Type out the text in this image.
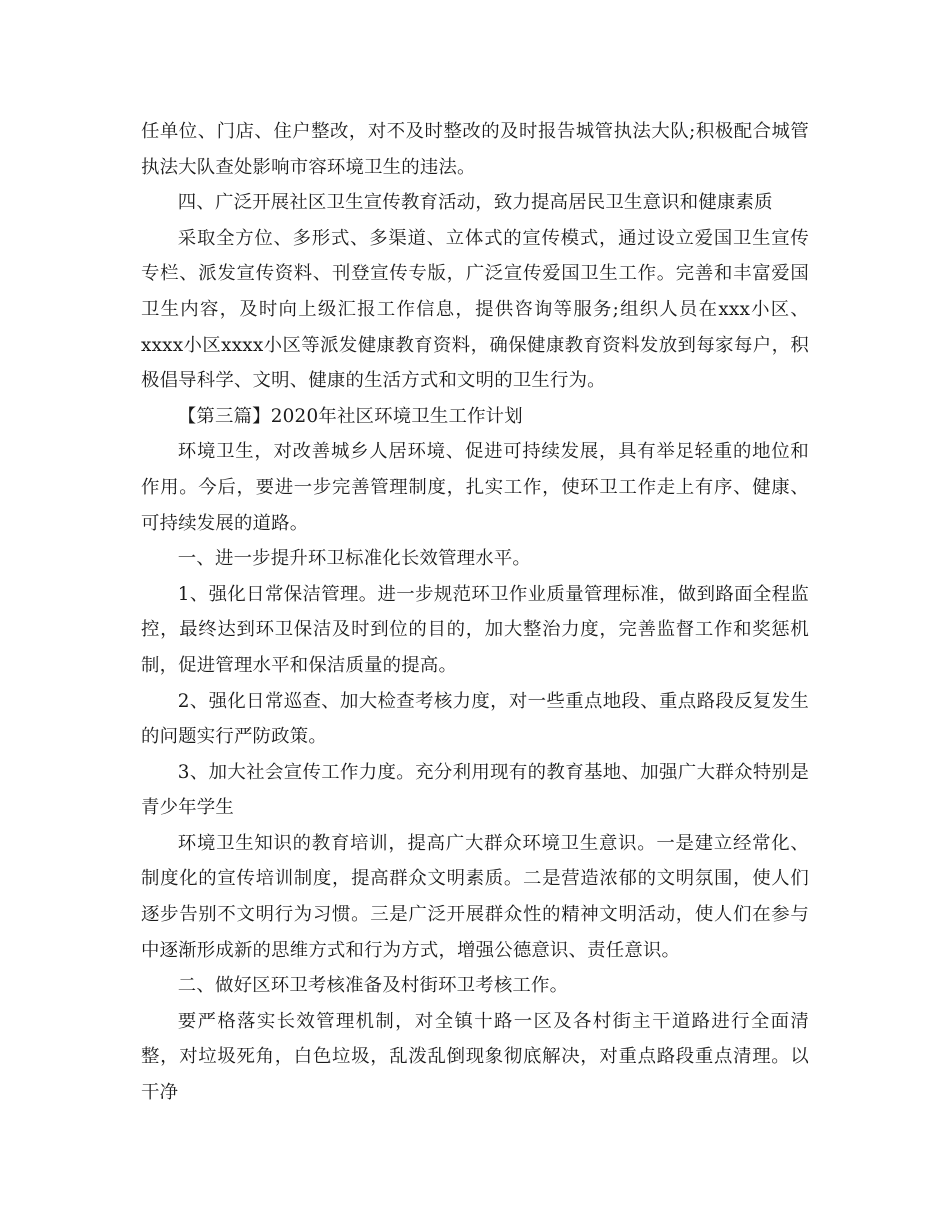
任单位、门店、住户整改，对不及时整改的及时报告城管执法大队;积极配合城管执法大队查处影响市容环境卫生的违法。

四、广泛开展社区卫生宣传教育活动，致力提高居民卫生意识和健康素质

采取全方位、多形式、多渠道、立体式的宣传模式，通过设立爱国卫生宣传专栏、派发宣传资料、刊登宣传专版，广泛宣传爱国卫生工作。完善和丰富爱国卫生内容，及时向上级汇报工作信息，提供咨询等服务;组织人员在xxx小区、xxxx小区xxxx小区等派发健康教育资料，确保健康教育资料发放到每家每户，积极倡导科学、文明、健康的生活方式和文明的卫生行为。

【第三篇】2020年社区环境卫生工作计划

环境卫生，对改善城乡人居环境、促进可持续发展，具有举足轻重的地位和作用。今后，要进一步完善管理制度，扎实工作，使环卫工作走上有序、健康、可持续发展的道路。

一、进一步提升环卫标准化长效管理水平。

1、强化日常保洁管理。进一步规范环卫作业质量管理标准，做到路面全程监控，最终达到环卫保洁及时到位的目的，加大整治力度，完善监督工作和奖惩机制，促进管理水平和保洁质量的提高。

2、强化日常巡查、加大检查考核力度，对一些重点地段、重点路段反复发生的问题实行严防政策。

3、加大社会宣传工作力度。充分利用现有的教育基地、加强广大群众特别是青少年学生

环境卫生知识的教育培训，提高广大群众环境卫生意识。一是建立经常化、制度化的宣传培训制度，提高群众文明素质。二是营造浓郁的文明氛围，使人们逐步告别不文明行为习惯。三是广泛开展群众性的精神文明活动，使人们在参与中逐渐形成新的思维方式和行为方式，增强公德意识、责任意识。

二、做好区环卫考核准备及村街环卫考核工作。

要严格落实长效管理机制，对全镇十路一区及各村街主干道路进行全面清整，对垃圾死角，白色垃圾，乱泼乱倒现象彻底解决，对重点路段重点清理。以干净
